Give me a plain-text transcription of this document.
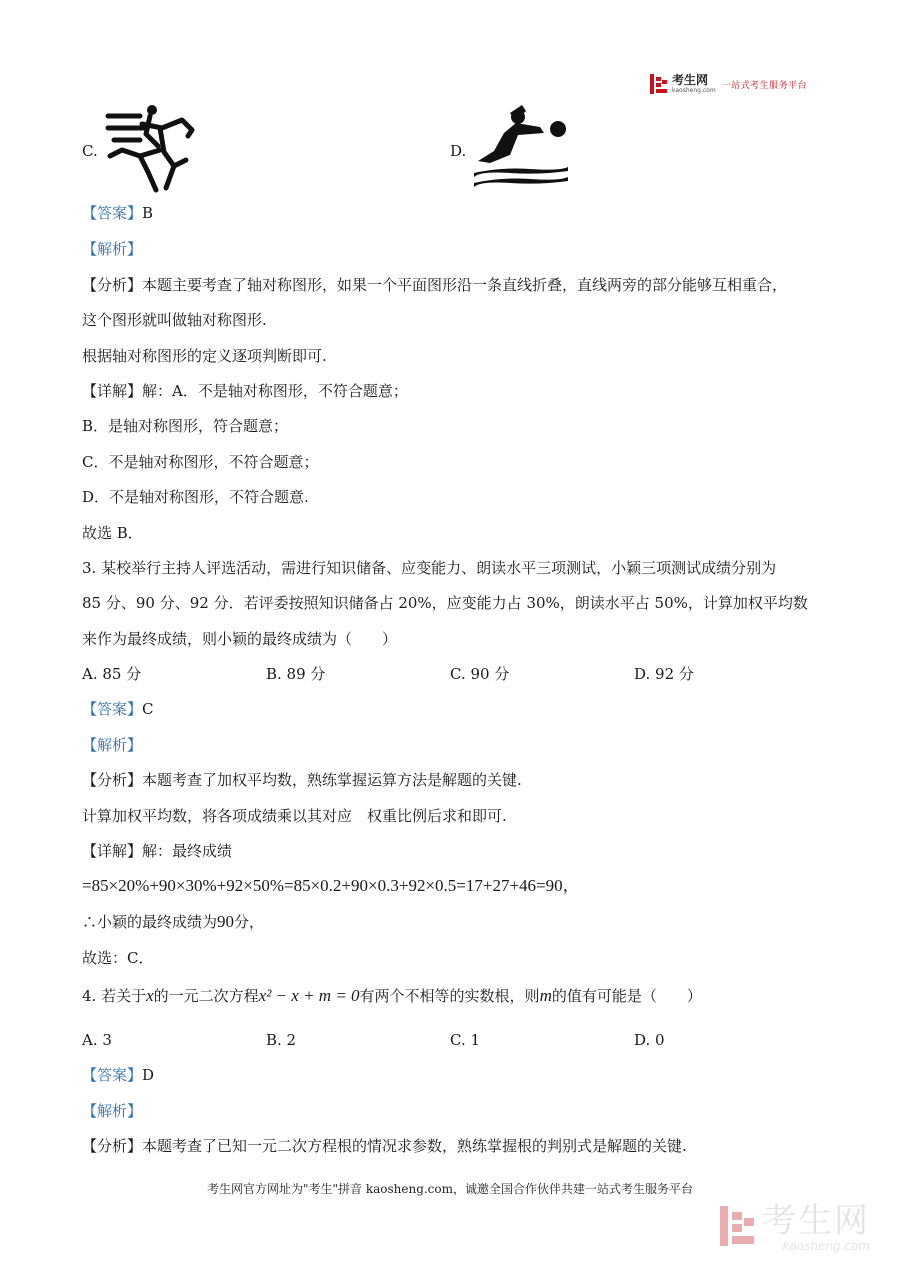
考生网
kaosheng.com 一站式考生服务平台
C.	D.
【答案】B
【解析】
【分析】本题主要考查了轴对称图形，如果一个平面图形沿一条直线折叠，直线两旁的部分能够互相重合，
这个图形就叫做轴对称图形.
根据轴对称图形的定义逐项判断即可.
【详解】解：A．不是轴对称图形，不符合题意；
B．是轴对称图形，符合题意；
C．不是轴对称图形，不符合题意；
D．不是轴对称图形，不符合题意.
故选 B．
3. 某校举行主持人评选活动，需进行知识储备、应变能力、朗读水平三项测试，小颖三项测试成绩分别为
85 分、90 分、92 分．若评委按照知识储备占 20%，应变能力占 30%，朗读水平占 50%，计算加权平均数
来作为最终成绩，则小颖的最终成绩为（　　）
A. 85 分	B. 89 分	C. 90 分	D. 92 分
【答案】C
【解析】
【分析】本题考查了加权平均数，熟练掌握运算方法是解题的关键.
计算加权平均数，将各项成绩乘以其对应　权重比例后求和即可.
【详解】解：最终成绩
=85×20%+90×30%+92×50%=85×0.2+90×0.3+92×0.5=17+27+46=90，
∴小颖的最终成绩为90分，
故选：C．
4. 若关于x的一元二次方程x² − x + m = 0有两个不相等的实数根，则m的值有可能是（　　）
A. 3	B. 2	C. 1	D. 0
【答案】D
【解析】
【分析】本题考查了已知一元二次方程根的情况求参数，熟练掌握根的判别式是解题的关键.
考生网官方网址为"考生"拼音 kaosheng.com，诚邀全国合作伙伴共建一站式考生服务平台
考生网
kaosheng.com
